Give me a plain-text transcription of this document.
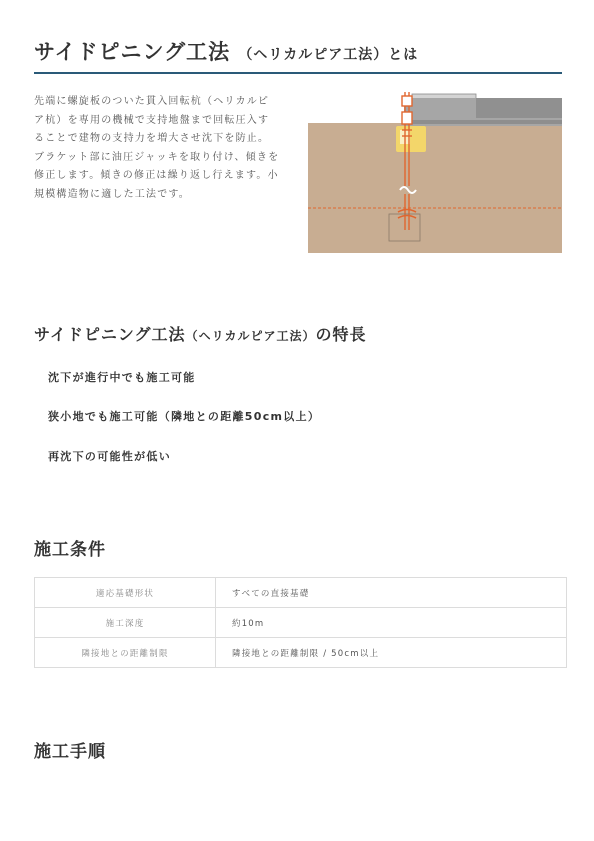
サイドピニング工法 （ヘリカルピア工法）とは

先端に螺旋板のついた貫入回転杭（ヘリカルピア杭）を専用の機械で支持地盤まで回転圧入することで建物の支持力を増大させ沈下を防止。

ブラケット部に油圧ジャッキを取り付け、傾きを修正します。傾きの修正は繰り返し行えます。小規模構造物に適した工法です。

サイドピニング工法（ヘリカルピア工法）の特長

沈下が進行中でも施工可能

狭小地でも施工可能（隣地との距離50cm以上）

再沈下の可能性が低い

施工条件
適応基礎形状	すべての直接基礎
施工深度	約10m
隣接地との距離制限	隣接地との距離制限 / 50cm以上
施工手順
